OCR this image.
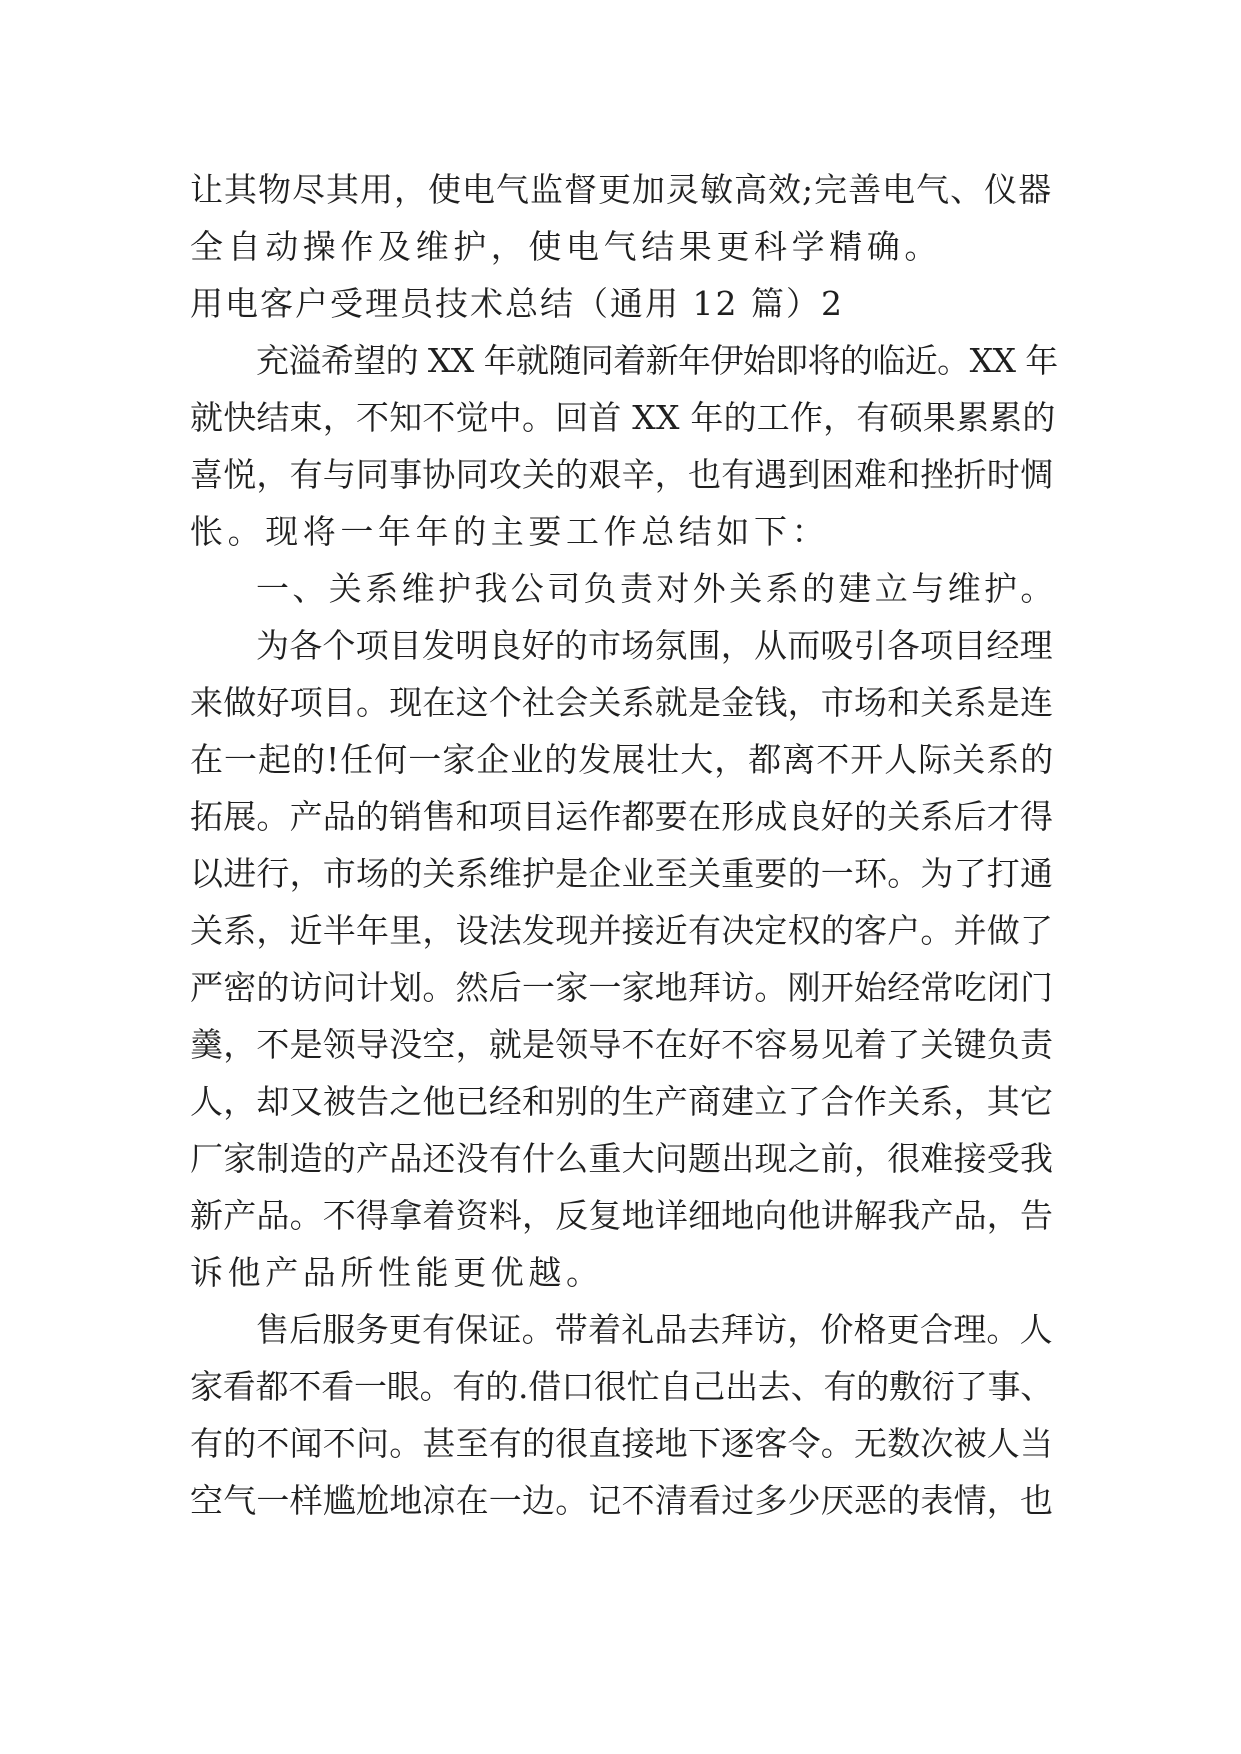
让其物尽其用，使电气监督更加灵敏高效;完善电气、仪器
全自动操作及维护，使电气结果更科学精确。
用电客户受理员技术总结（通用 12 篇）2
充溢希望的 XX 年就随同着新年伊始即将的临近。XX 年
就快结束，不知不觉中。回首 XX 年的工作，有硕果累累的
喜悦，有与同事协同攻关的艰辛，也有遇到困难和挫折时惆
怅。现将一年年的主要工作总结如下：
一、关系维护我公司负责对外关系的建立与维护。
为各个项目发明良好的市场氛围，从而吸引各项目经理
来做好项目。现在这个社会关系就是金钱，市场和关系是连
在一起的!任何一家企业的发展壮大，都离不开人际关系的
拓展。产品的销售和项目运作都要在形成良好的关系后才得
以进行，市场的关系维护是企业至关重要的一环。为了打通
关系，近半年里，设法发现并接近有决定权的客户。并做了
严密的访问计划。然后一家一家地拜访。刚开始经常吃闭门
羹，不是领导没空，就是领导不在好不容易见着了关键负责
人，却又被告之他已经和别的生产商建立了合作关系，其它
厂家制造的产品还没有什么重大问题出现之前，很难接受我
新产品。不得拿着资料，反复地详细地向他讲解我产品，告
诉他产品所性能更优越。
售后服务更有保证。带着礼品去拜访，价格更合理。人
家看都不看一眼。有的.借口很忙自己出去、有的敷衍了事、
有的不闻不问。甚至有的很直接地下逐客令。无数次被人当
空气一样尴尬地凉在一边。记不清看过多少厌恶的表情，也
